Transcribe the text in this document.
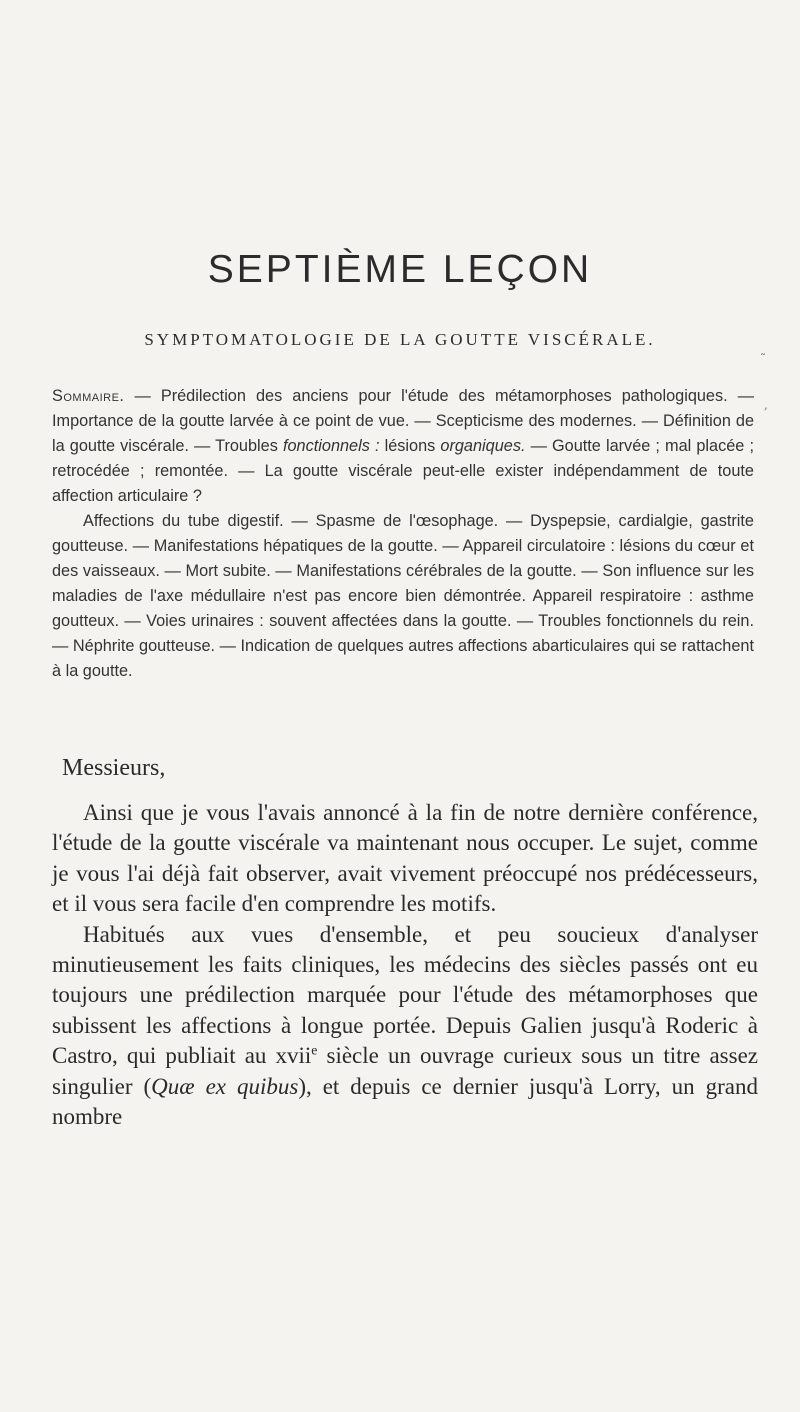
SEPTIÈME LEÇON
SYMPTOMATOLOGIE DE LA GOUTTE VISCÉRALE.
˜
,

Sommaire. — Prédilection des anciens pour l'étude des métamorphoses pathologiques. — Importance de la goutte larvée à ce point de vue. — Scepticisme des modernes. — Définition de la goutte viscérale. — Troubles fonctionnels : lésions organiques. — Goutte larvée ; mal placée ; retrocédée ; remontée. — La goutte viscérale peut-elle exister indépendamment de toute affection articulaire ?

Affections du tube digestif. — Spasme de l'œsophage. — Dyspepsie, cardialgie, gastrite goutteuse. — Manifestations hépatiques de la goutte. — Appareil circulatoire : lésions du cœur et des vaisseaux. — Mort subite. — Manifestations cérébrales de la goutte. — Son influence sur les maladies de l'axe médullaire n'est pas encore bien démontrée. Appareil respiratoire : asthme goutteux. — Voies urinaires : souvent affectées dans la goutte. — Troubles fonctionnels du rein. — Néphrite goutteuse. — Indication de quelques autres affections abarticulaires qui se rattachent à la goutte.

Messieurs,

Ainsi que je vous l'avais annoncé à la fin de notre dernière conférence, l'étude de la goutte viscérale va maintenant nous occuper. Le sujet, comme je vous l'ai déjà fait observer, avait vivement préoccupé nos prédécesseurs, et il vous sera facile d'en comprendre les motifs.

Habitués aux vues d'ensemble, et peu soucieux d'analyser minutieusement les faits cliniques, les médecins des siècles passés ont eu toujours une prédilection marquée pour l'étude des métamorphoses que subissent les affections à longue portée. Depuis Galien jusqu'à Roderic à Castro, qui publiait au xvii$^e$ siècle un ouvrage curieux sous un titre assez singulier (Quæ ex quibus), et depuis ce dernier jusqu'à Lorry, un grand nombre
